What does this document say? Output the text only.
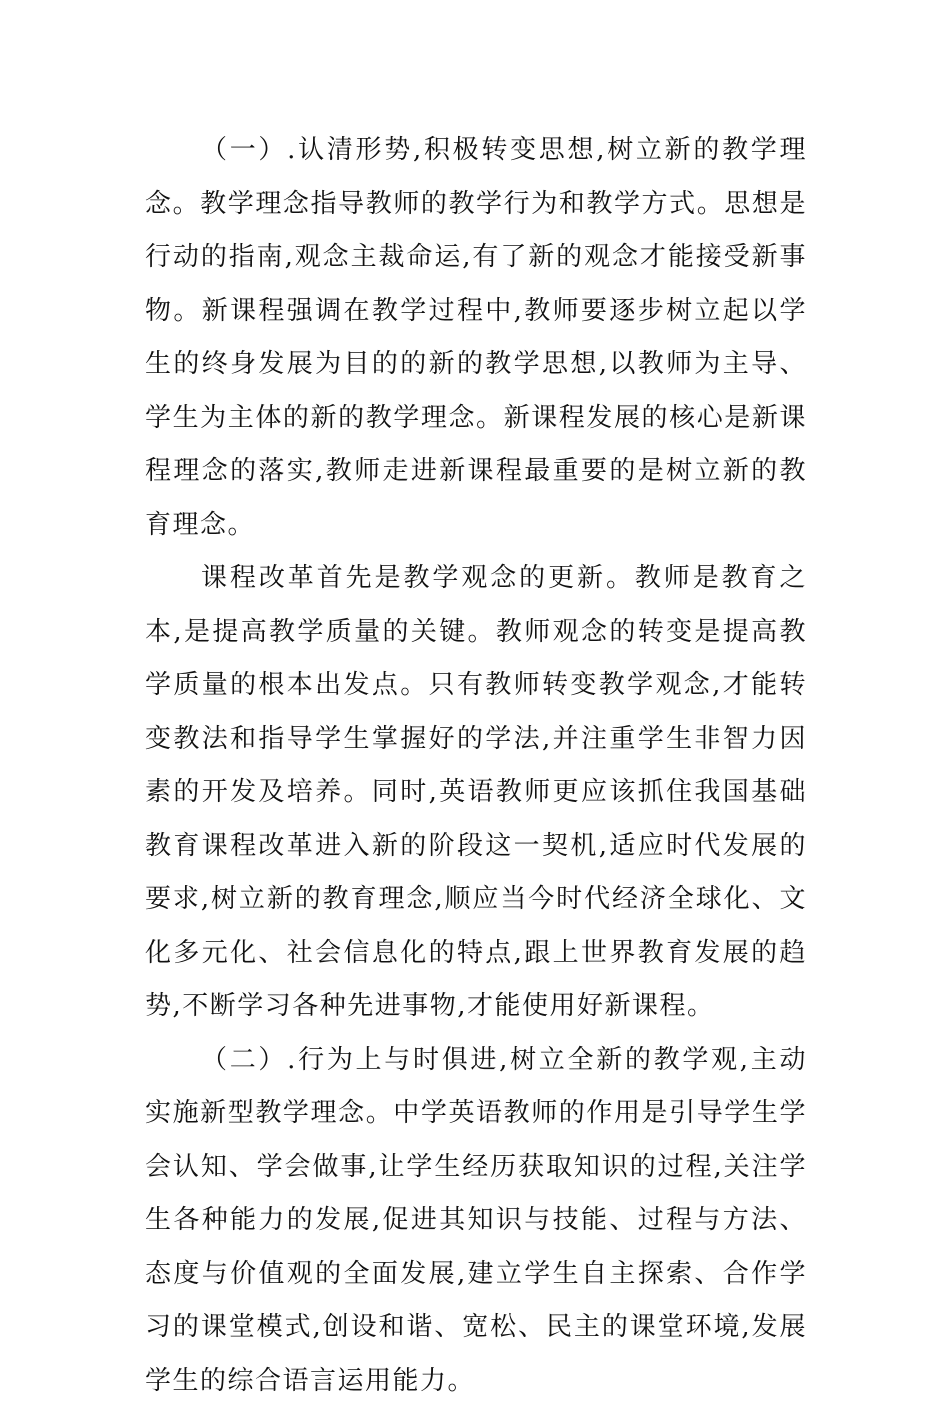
（一）.认清形势,积极转变思想,树立新的教学理念。教学理念指导教师的教学行为和教学方式。思想是行动的指南,观念主裁命运,有了新的观念才能接受新事物。新课程强调在教学过程中,教师要逐步树立起以学生的终身发展为目的的新的教学思想,以教师为主导、学生为主体的新的教学理念。新课程发展的核心是新课程理念的落实,教师走进新课程最重要的是树立新的教育理念。

课程改革首先是教学观念的更新。教师是教育之本,是提高教学质量的关键。教师观念的转变是提高教学质量的根本出发点。只有教师转变教学观念,才能转变教法和指导学生掌握好的学法,并注重学生非智力因素的开发及培养。同时,英语教师更应该抓住我国基础教育课程改革进入新的阶段这一契机,适应时代发展的要求,树立新的教育理念,顺应当今时代经济全球化、文化多元化、社会信息化的特点,跟上世界教育发展的趋势,不断学习各种先进事物,才能使用好新课程。

（二）.行为上与时俱进,树立全新的教学观,主动实施新型教学理念。中学英语教师的作用是引导学生学会认知、学会做事,让学生经历获取知识的过程,关注学生各种能力的发展,促进其知识与技能、过程与方法、态度与价值观的全面发展,建立学生自主探索、合作学习的课堂模式,创设和谐、宽松、民主的课堂环境,发展学生的综合语言运用能力。
